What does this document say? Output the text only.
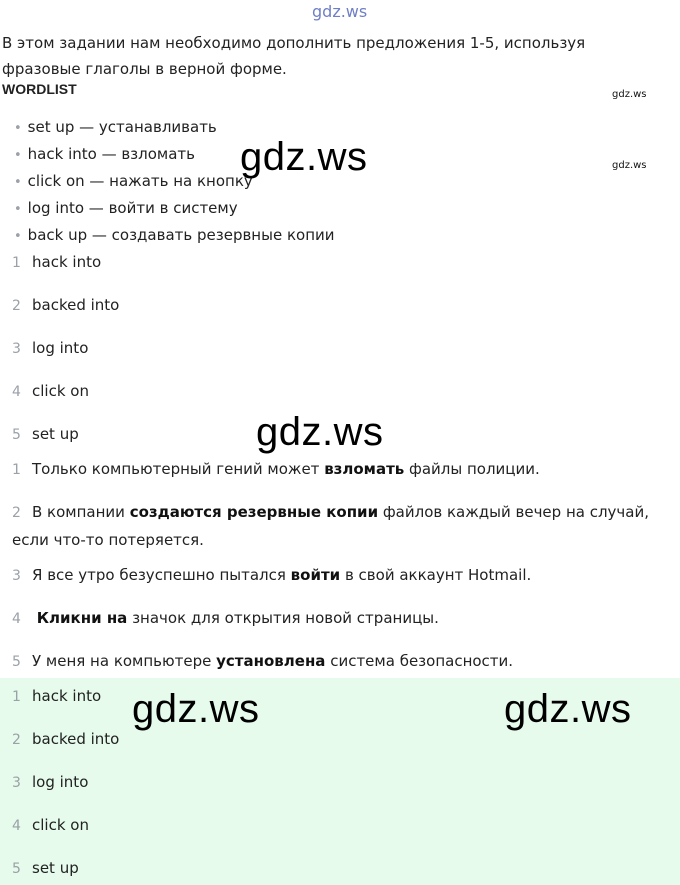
gdz.ws
gdz.ws
gdz.ws
В этом задании нам необходимо дополнить предложения 1-5, используя фразовые глаголы в верной форме.
WORDLIST
• set up — устанавливать
• hack into — взломать
• click on — нажать на кнопку
• log into — войти в систему
• back up — создавать резервные копии
1 hack into
2 backed into
3 log into
4 click on
5 set up
1 Только компьютерный гений может взломать файлы полиции.
2 В компании создаются резервные копии файлов каждый вечер на случай, если что-то потеряется.
3 Я все утро безуспешно пытался войти в свой аккаунт Hotmail.
4 Кликни на значок для открытия новой страницы.
5 У меня на компьютере установлена система безопасности.
1 hack into
2 backed into
3 log into
4 click on
5 set up
gdz.ws
gdz.ws
gdz.ws	gdz.ws
